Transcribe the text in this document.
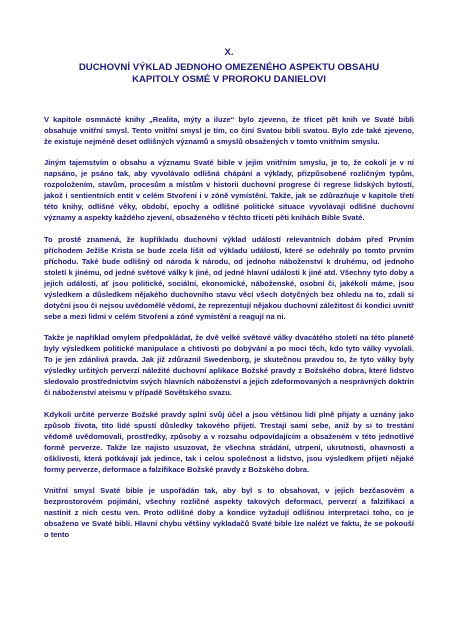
X.

DUCHOVNÍ VÝKLAD JEDNOHO OMEZENÉHO ASPEKTU OBSAHU

KAPITOLY OSMÉ V PROROKU DANIELOVI

V kapitole osmnácté knihy „Realita, mýty a iluze“ bylo zjeveno, že třicet pět knih ve Svaté bibli obsahuje vnitřní smysl. Tento vnitřní smysl je tím, co činí Svatou bibli svatou. Bylo zde také zjeveno, že existuje nejméně deset odlišných významů a smyslů obsažených v tomto vnitřním smyslu.

Jiným tajemstvím o obsahu a významu Svaté bible v jejím vnitřním smyslu, je to, že cokoli je v ní napsáno, je psáno tak, aby vyvolávalo odlišná chápání a výklady, přizpůsobené rozličným typům, rozpoložením, stavům, procesům a místům v historii duchovní progrese či regrese lidských bytostí, jakož i sentientních entit v celém Stvoření i v zóně vymístění. Takže, jak se zdůrazňuje v kapitole třetí této knihy, odlišné věky, období, epochy a odlišné politické situace vyvolávají odlišné duchovní významy a aspekty každého zjevení, obsaženého v těchto třiceti pěti knihách Bible Svaté.

To prostě znamená, že kupříkladu duchovní výklad událostí relevantních dobám před Prvním příchodem Ježíše Krista se bude zcela lišit od výkladu událostí, které se odehrály po tomto prvním příchodu. Také bude odlišný od národa k národu, od jednoho náboženství k druhému, od jednoho století k jinému, od jedné světové války k jiné, od jedné hlavní události k jiné atd. Všechny tyto doby a jejich události, ať jsou politické, sociální, ekonomické, náboženské, osobní či, jakékoli máme, jsou výsledkem a důsledkem nějakého duchovního stavu věcí všech dotyčných bez ohledu na to, zdali si dotyční jsou či nejsou uvědomělé vědomí, že reprezentují nějakou duchovní záležitost či kondici uvnitř sebe a mezi lidmi v celém Stvoření a zóně vymístění a reagují na ni.

Takže je například omylem předpokládat, že dvě velké světové války dvacátého století na této planetě byly výsledkem politické manipulace a chtivosti po dobývání a po moci těch, kdo tyto války vyvolali. To je jen zdánlivá pravda. Jak již zdůraznil Swedenborg, je skutečnou pravdou to, že tyto války byly výsledky určitých perverzí náležité duchovní aplikace Božské pravdy z Božského dobra, které lidstvo sledovalo prostřednictvím svých hlavních náboženství a jejich zdeformovaných a nesprávných doktrín či náboženství ateismu v případě Sovětského svazu.

Kdykoli určité perverze Božské pravdy splní svůj účel a jsou většinou lidí plně přijaty a uznány jako způsob života, tito lidé spustí důsledky takového přijetí. Trestají sami sebe, aniž by si to trestání vědomě uvědomovali, prostředky, způsoby a v rozsahu odpovídajícím a obsaženém v této jednotlivé formě perverze. Takže lze najisto usuzovat, že všechna strádání, utrpení, ukrutnosti, ohavnosti a ošklivosti, která potkávají jak jedince, tak i celou společnost a lidstvo, jsou výsledkem přijetí nějaké formy perverze, deformace a falzifikace Božské pravdy z Božského dobra.

Vnitřní smysl Svaté bible je uspořádán tak, aby byl s to obsahovat, v jejich bezčasovém a bezprostorovém pojímání, všechny rozličné aspekty takových deformací, perverzí a falzifikací a nastínit z nich cestu ven. Proto odlišné doby a kondice vyžadují odlišnou interpretaci toho, co je obsaženo ve Svaté bibli. Hlavní chybu většiny vykladačů Svaté bible lze nalézt ve faktu, že se pokouší o tento
